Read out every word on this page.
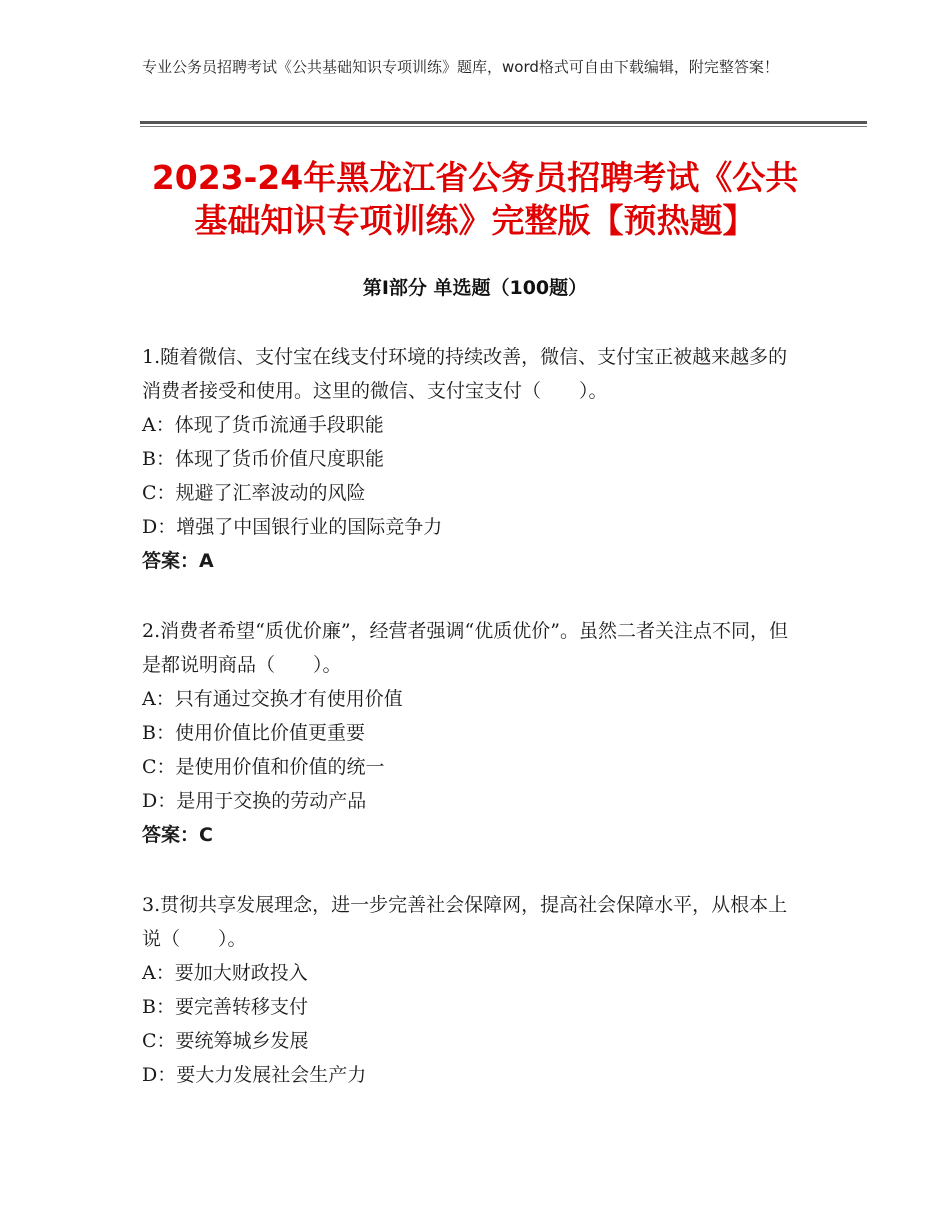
专业公务员招聘考试《公共基础知识专项训练》题库，word格式可自由下载编辑，附完整答案！
2023-24年黑龙江省公务员招聘考试《公共基础知识专项训练》完整版【预热题】
第Ⅰ部分 单选题（100题）

1.随着微信、支付宝在线支付环境的持续改善，微信、支付宝正被越来越多的消费者接受和使用。这里的微信、支付宝支付（　　）。

A：体现了货币流通手段职能

B：体现了货币价值尺度职能

C：规避了汇率波动的风险

D：增强了中国银行业的国际竞争力

答案：A

2.消费者希望“质优价廉”，经营者强调“优质优价”。虽然二者关注点不同，但是都说明商品（　　）。

A：只有通过交换才有使用价值

B：使用价值比价值更重要

C：是使用价值和价值的统一

D：是用于交换的劳动产品

答案：C

3.贯彻共享发展理念，进一步完善社会保障网，提高社会保障水平，从根本上说（　　）。

A：要加大财政投入

B：要完善转移支付

C：要统筹城乡发展

D：要大力发展社会生产力
